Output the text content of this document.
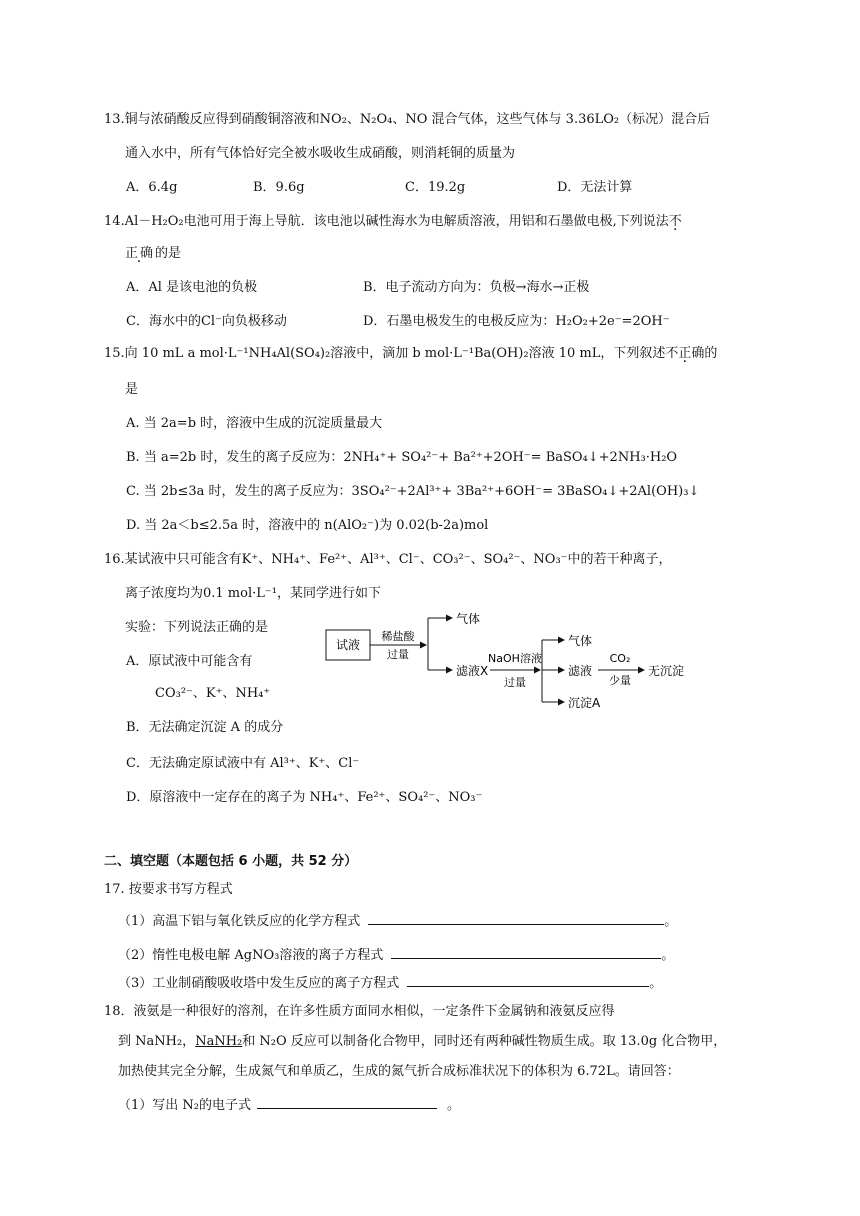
13.铜与浓硝酸反应得到硝酸铜溶液和NO₂、N₂O₄、NO 混合气体，这些气体与 3.36LO₂（标况）混合后
通入水中，所有气体恰好完全被水吸收生成硝酸，则消耗铜的质量为
A．6.4g	B．9.6g	C．19.2g	D．无法计算
14.Al－H₂O₂电池可用于海上导航．该电池以碱性海水为电解质溶液，用铝和石墨做电极,下列说法不
正确的是
A．Al 是该电池的负极	B．电子流动方向为：负极→海水→正极
C．海水中的Cl⁻向负极移动	D．石墨电极发生的电极反应为：H₂O₂+2e⁻=2OH⁻
15.向 10 mL a mol·L⁻¹NH₄Al(SO₄)₂溶液中，滴加 b mol·L⁻¹Ba(OH)₂溶液 10 mL，下列叙述不正确的
是
A. 当 2a=b 时，溶液中生成的沉淀质量最大
B. 当 a=2b 时，发生的离子反应为：2NH₄⁺+ SO₄²⁻+ Ba²⁺+2OH⁻= BaSO₄↓+2NH₃·H₂O
C. 当 2b≤3a 时，发生的离子反应为：3SO₄²⁻+2Al³⁺+ 3Ba²⁺+6OH⁻= 3BaSO₄↓+2Al(OH)₃↓
D. 当 2a＜b≤2.5a 时，溶液中的 n(AlO₂⁻)为 0.02(b-2a)mol
16.某试液中只可能含有K⁺、NH₄⁺、Fe²⁺、Al³⁺、Cl⁻、CO₃²⁻、SO₄²⁻、NO₃⁻中的若干种离子，
离子浓度均为0.1 mol·L⁻¹，某同学进行如下
实验：下列说法正确的是
A．原试液中可能含有
CO₃²⁻、K⁺、NH₄⁺
B．无法确定沉淀 A 的成分
C．无法确定原试液中有 Al³⁺、K⁺、Cl⁻
D．原溶液中一定存在的离子为 NH₄⁺、Fe²⁺、SO₄²⁻、NO₃⁻
试液
稀盐酸
过量
气体
滤液X
NaOH溶液
过量
气体
滤液
沉淀A
CO₂
少量
无沉淀
二、填空题（本题包括 6 小题，共 52 分）
17. 按要求书写方程式
（1）高温下铝与氧化铁反应的化学方程式	。
（2）惰性电极电解 AgNO₃溶液的离子方程式	。
（3）工业制硝酸吸收塔中发生反应的离子方程式	。
18．液氨是一种很好的溶剂，在许多性质方面同水相似，一定条件下金属钠和液氨反应得
到 NaNH₂，NaNH₂和 N₂O 反应可以制备化合物甲，同时还有两种碱性物质生成。取 13.0g 化合物甲，
加热使其完全分解，生成氮气和单质乙，生成的氮气折合成标准状况下的体积为 6.72L。请回答：
（1）写出 N₂的电子式	。
